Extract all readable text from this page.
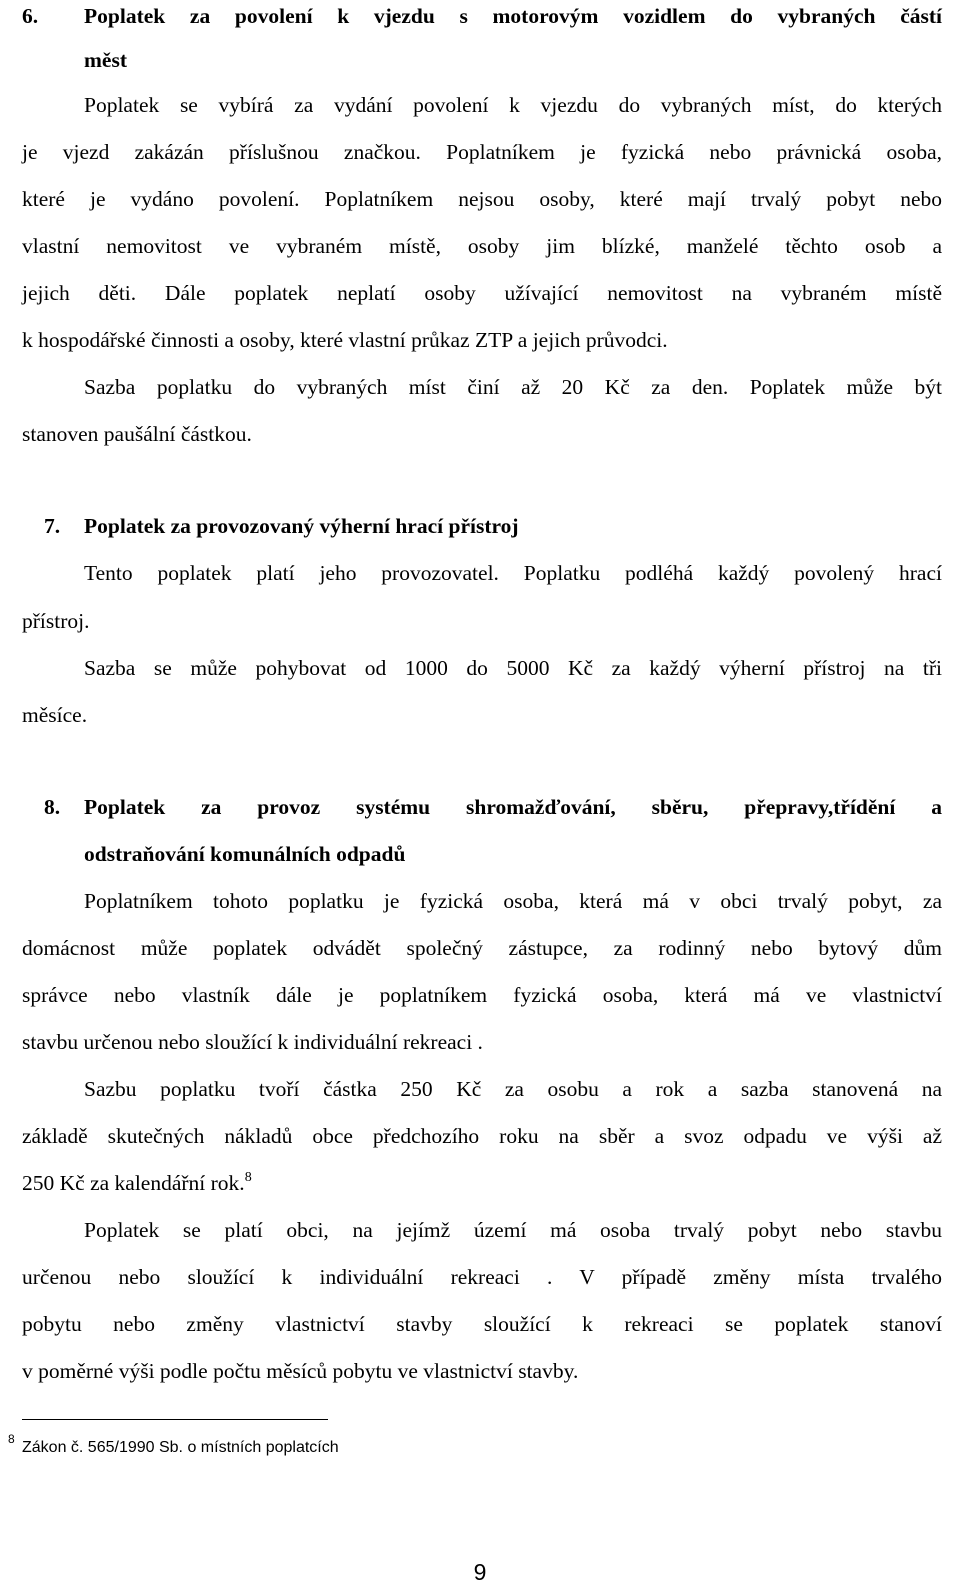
6. Poplatek za povolení k vjezdu s motorovým vozidlem do vybraných částí
měst
Poplatek se vybírá za vydání povolení k vjezdu do vybraných míst, do kterých
je vjezd zakázán příslušnou značkou. Poplatníkem je fyzická nebo právnická osoba,
které je vydáno povolení. Poplatníkem nejsou osoby, které mají trvalý pobyt nebo
vlastní nemovitost ve vybraném místě, osoby jim blízké, manželé těchto osob a
jejich děti. Dále poplatek neplatí osoby užívající nemovitost na vybraném místě
k hospodářské činnosti a osoby, které vlastní průkaz ZTP a jejich průvodci.
Sazba poplatku do vybraných míst činí až 20 Kč za den. Poplatek může být
stanoven paušální částkou.
7. Poplatek za provozovaný výherní hrací přístroj
Tento poplatek platí jeho provozovatel. Poplatku podléhá každý povolený hrací
přístroj.
Sazba se může pohybovat od 1000 do 5000 Kč za každý výherní přístroj na tři
měsíce.
8. Poplatek za provoz systému shromažďování, sběru, přepravy,třídění a
odstraňování komunálních odpadů
Poplatníkem tohoto poplatku je fyzická osoba, která má v obci trvalý pobyt, za
domácnost může poplatek odvádět společný zástupce, za rodinný nebo bytový dům
správce nebo vlastník dále je poplatníkem fyzická osoba, která má ve vlastnictví
stavbu určenou nebo sloužící k individuální rekreaci .
Sazbu poplatku tvoří částka 250 Kč za osobu a rok a sazba stanovená na
základě skutečných nákladů obce předchozího roku na sběr a svoz odpadu ve výši až
250 Kč za kalendářní rok.$^8$
Poplatek se platí obci, na jejímž území má osoba trvalý pobyt nebo stavbu
určenou nebo sloužící k individuální rekreaci . V případě změny místa trvalého
pobytu nebo změny vlastnictví stavby sloužící k rekreaci se poplatek stanoví
v poměrné výši podle počtu měsíců pobytu ve vlastnictví stavby.
8 Zákon č. 565/1990 Sb. o místních poplatcích
9
